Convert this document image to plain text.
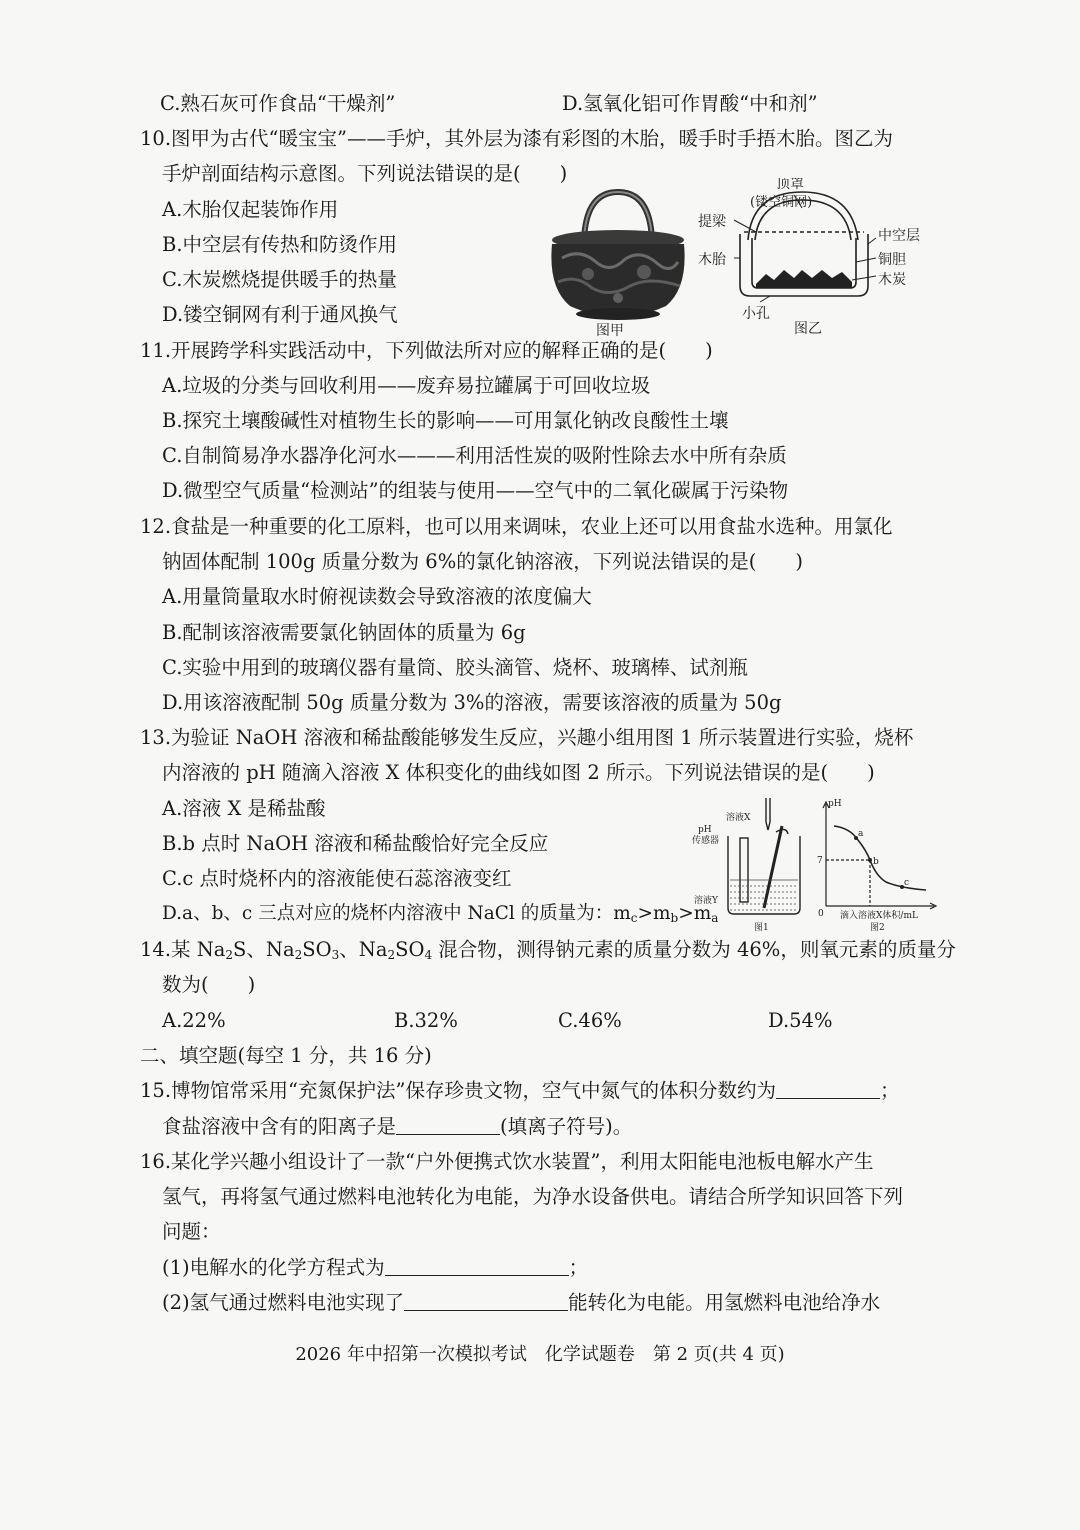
C.熟石灰可作食品“干燥剂”	D.氢氧化铝可作胃酸“中和剂”
10.图甲为古代“暖宝宝”——手炉，其外层为漆有彩图的木胎，暖手时手捂木胎。图乙为
手炉剖面结构示意图。下列说法错误的是(　　)
A.木胎仅起装饰作用
B.中空层有传热和防烫作用
C.木炭燃烧提供暖手的热量
D.镂空铜网有利于通风换气
图甲
顶罩
(镂空铜网)
提梁
木胎
中空层
铜胆
木炭
小孔
图乙
11.开展跨学科实践活动中，下列做法所对应的解释正确的是(　　)
A.垃圾的分类与回收利用——废弃易拉罐属于可回收垃圾
B.探究土壤酸碱性对植物生长的影响——可用氯化钠改良酸性土壤
C.自制简易净水器净化河水———利用活性炭的吸附性除去水中所有杂质
D.微型空气质量“检测站”的组装与使用——空气中的二氧化碳属于污染物
12.食盐是一种重要的化工原料，也可以用来调味，农业上还可以用食盐水选种。用氯化
钠固体配制 100g 质量分数为 6%的氯化钠溶液，下列说法错误的是(　　)
A.用量筒量取水时俯视读数会导致溶液的浓度偏大
B.配制该溶液需要氯化钠固体的质量为 6g
C.实验中用到的玻璃仪器有量筒、胶头滴管、烧杯、玻璃棒、试剂瓶
D.用该溶液配制 50g 质量分数为 3%的溶液，需要该溶液的质量为 50g
13.为验证 NaOH 溶液和稀盐酸能够发生反应，兴趣小组用图 1 所示装置进行实验，烧杯
内溶液的 pH 随滴入溶液 X 体积变化的曲线如图 2 所示。下列说法错误的是(　　)
A.溶液 X 是稀盐酸
B.b 点时 NaOH 溶液和稀盐酸恰好完全反应
C.c 点时烧杯内的溶液能使石蕊溶液变红
D.a、b、c 三点对应的烧杯内溶液中 NaCl 的质量为：$m_c>m_b>m_a$
溶液X
pH
传感器
溶液Y
图1
pH
7
0
a
b
c
滴入溶液X体积/mL
图2
14.某 Na2S、Na2SO3、Na2SO4 混合物，测得钠元素的质量分数为 46%，则氧元素的质量分
数为(　　)
A.22%	B.32%	C.46%	D.54%
二、填空题(每空 1 分，共 16 分)
15.博物馆常采用“充氮保护法”保存珍贵文物，空气中氮气的体积分数约为	；
食盐溶液中含有的阳离子是	(填离子符号)。
16.某化学兴趣小组设计了一款“户外便携式饮水装置”，利用太阳能电池板电解水产生
氢气，再将氢气通过燃料电池转化为电能，为净水设备供电。请结合所学知识回答下列
问题：
(1)电解水的化学方程式为	；
(2)氢气通过燃料电池实现了	能转化为电能。用氢燃料电池给净水
2026 年中招第一次模拟考试　化学试题卷　第 2 页(共 4 页)
